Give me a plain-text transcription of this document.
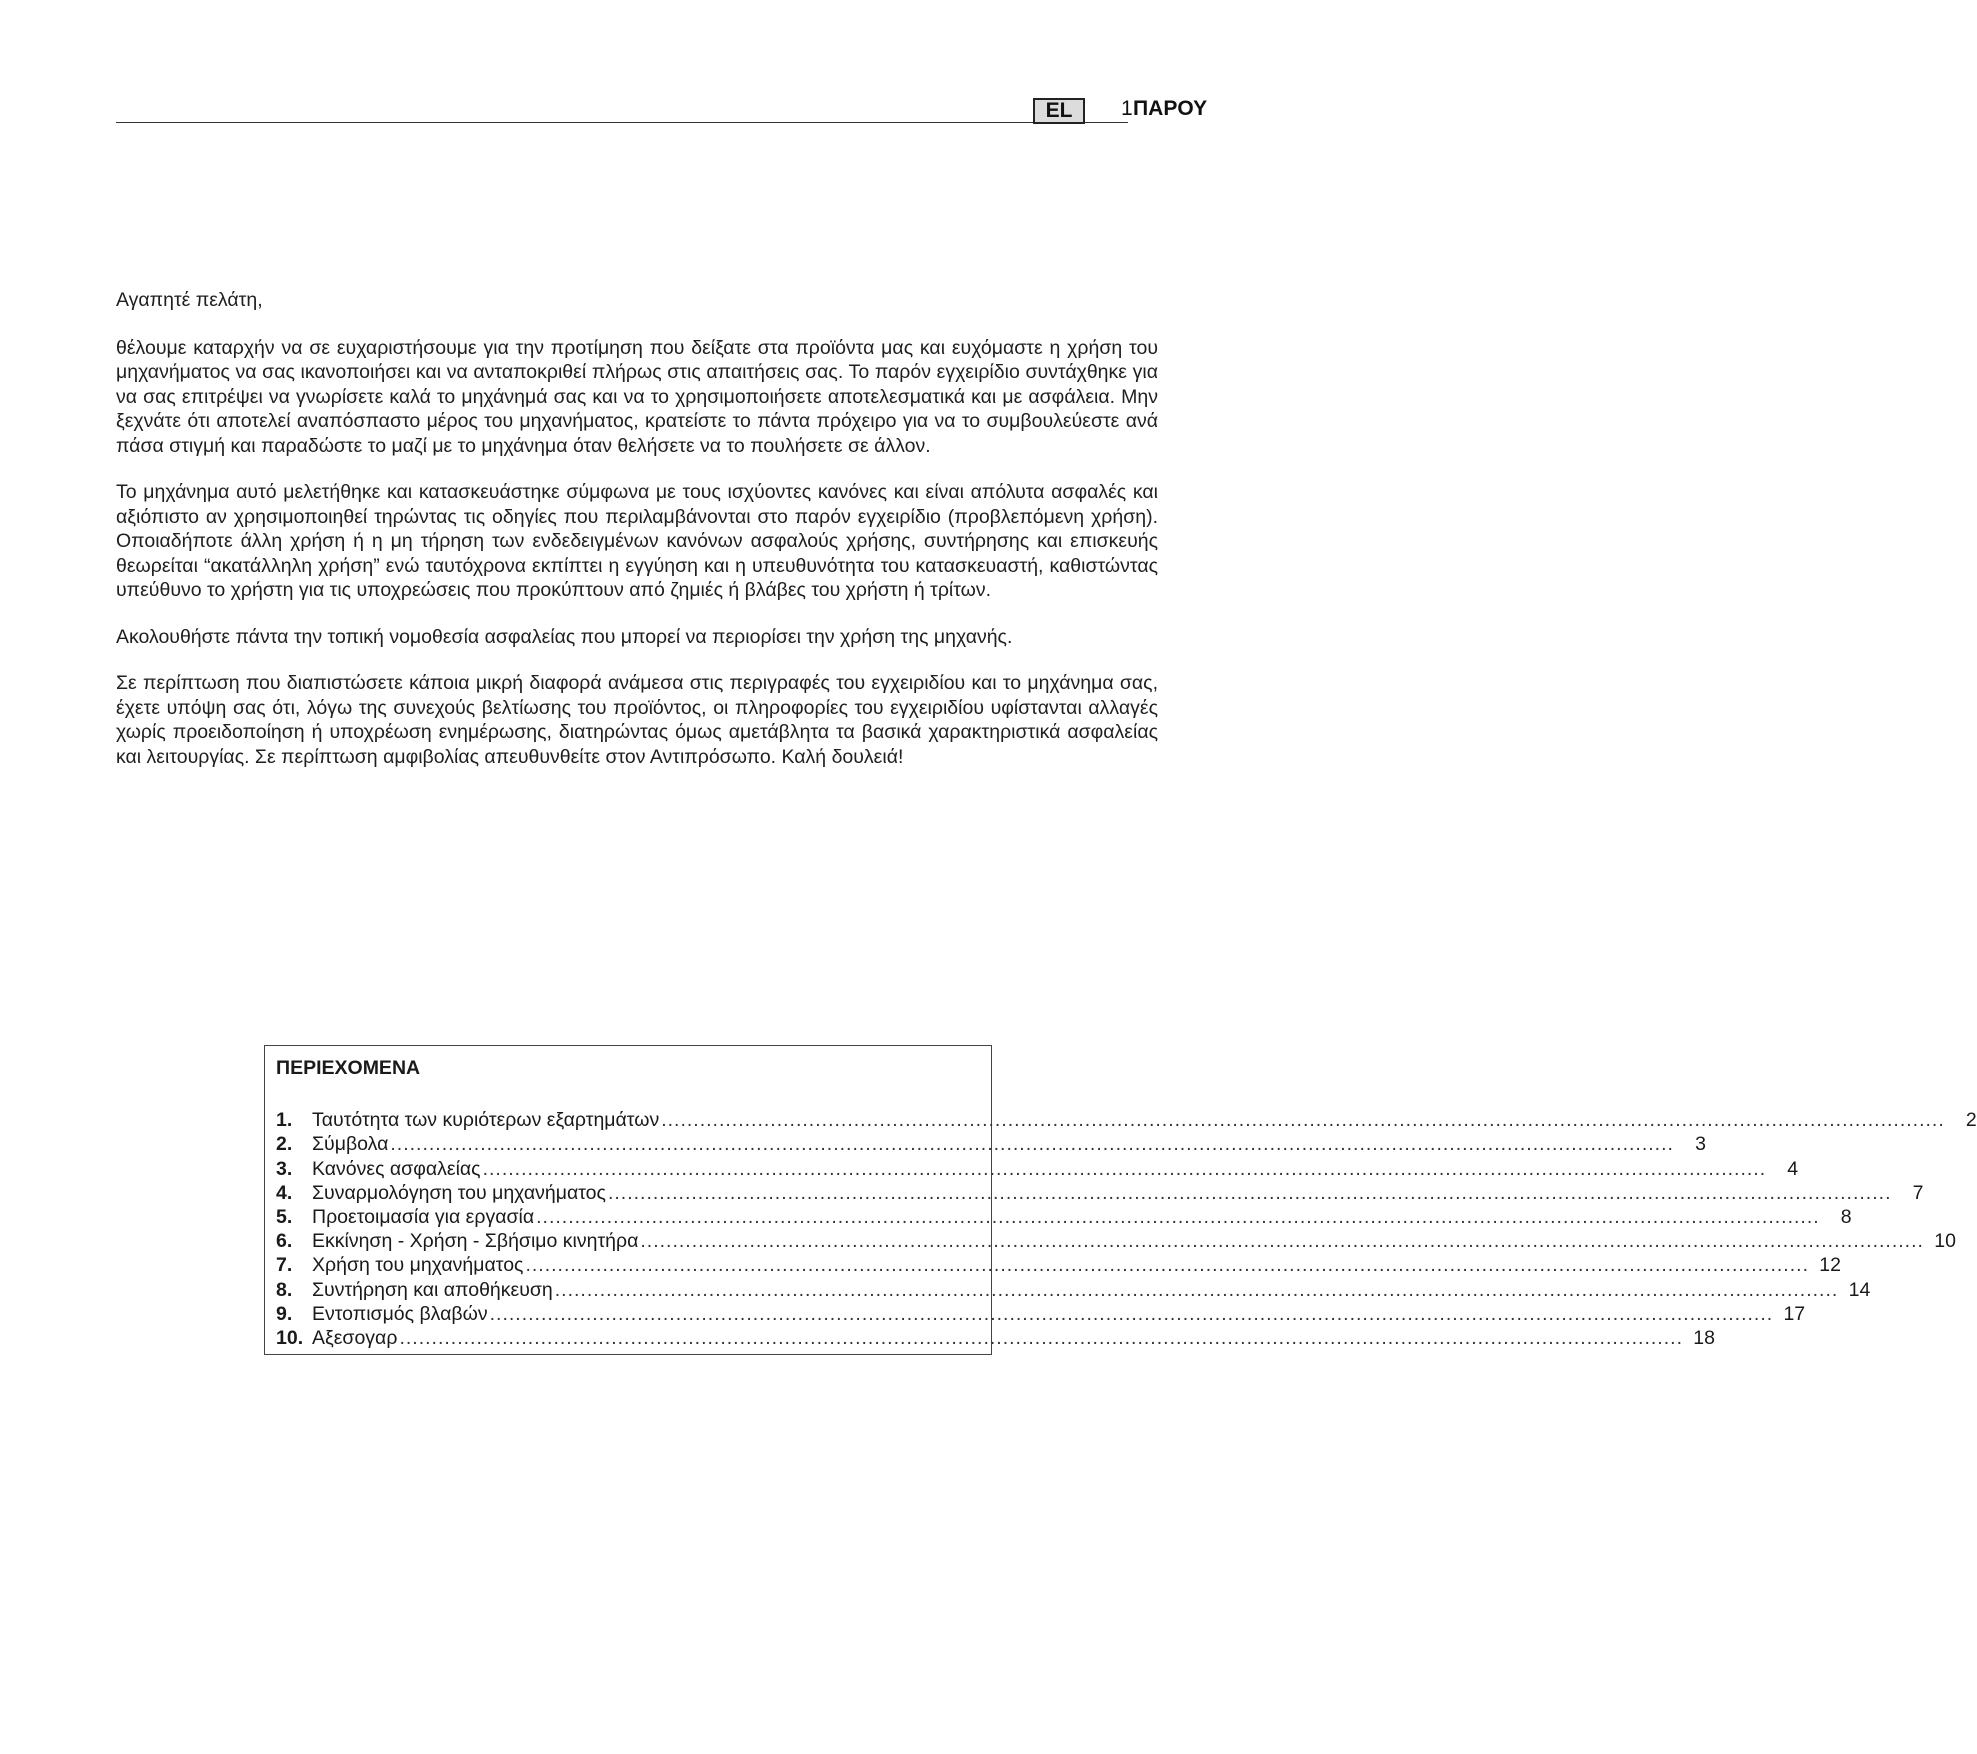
EL	1 ΠΑΡΟΥ

Αγαπητέ πελάτη,

θέλουμε καταρχήν να σε ευχαριστήσουμε για την προτίμηση που δείξατε στα προϊόντα μας και ευχόμαστε η χρήση του μηχανήματος να σας ικανοποιήσει και να ανταποκριθεί πλήρως στις απαιτήσεις σας. Το παρόν εγχειρίδιο συντάχθηκε για να σας επιτρέψει να γνωρίσετε καλά το μηχάνημά σας και να το χρησιμοποιήσετε αποτελεσματικά και με ασφάλεια. Μην ξεχνάτε ότι αποτελεί αναπόσπαστο μέρος του μηχανήματος, κρατείστε το πάντα πρόχειρο για να το συμβουλεύεστε ανά πάσα στιγμή και παραδώστε το μαζί με το μηχάνημα όταν θελήσετε να το πουλήσετε σε άλλον.

Το μηχάνημα αυτό μελετήθηκε και κατασκευάστηκε σύμφωνα με τους ισχύοντες κανόνες και είναι απόλυτα ασφαλές και αξιόπιστο αν χρησιμοποιηθεί τηρώντας τις οδηγίες που περιλαμβάνονται στο παρόν εγχειρίδιο (προβλεπόμενη χρήση). Οποιαδήποτε άλλη χρήση ή η μη τήρηση των ενδεδειγμένων κανόνων ασφαλούς χρήσης, συντήρησης και επισκευής θεωρείται “ακατάλληλη χρήση” ενώ ταυτόχρονα εκπίπτει η εγγύηση και η υπευθυνότητα του κατασκευαστή, καθιστώντας υπεύθυνο το χρήστη για τις υποχρεώσεις που προκύπτουν από ζημιές ή βλάβες του χρήστη ή τρίτων.

Ακολουθήστε πάντα την τοπική νομοθεσία ασφαλείας που μπορεί να περιορίσει την χρήση της μηχανής.

Σε περίπτωση που διαπιστώσετε κάποια μικρή διαφορά ανάμεσα στις περιγραφές του εγχειριδίου και το μηχάνημα σας, έχετε υπόψη σας ότι, λόγω της συνεχούς βελτίωσης του προϊόντος, οι πληροφορίες του εγχειριδίου υφίστανται αλλαγές χωρίς προειδοποίηση ή υποχρέωση ενημέρωσης, διατηρώντας όμως αμετάβλητα τα βασικά χαρακτηριστικά ασφαλείας και λειτουργίας. Σε περίπτωση αμφιβολίας απευθυνθείτε στον Αντιπρόσωπο. Καλή δουλειά!

ΠΕΡΙΕΧΟΜΕΝΑ
1.	Ταυτότητα των κυριότερων εξαρτημάτων ........................................................................................................................................................................................................	2
2.	Σύμβολα ........................................................................................................................................................................................................	3
3.	Κανόνες ασφαλείας ........................................................................................................................................................................................................	4
4.	Συναρμολόγηση του μηχανήματος ........................................................................................................................................................................................................	7
5.	Προετοιμασία για εργασία ........................................................................................................................................................................................................	8
6.	Εκκίνηση - Χρήση - Σβήσιμο κινητήρα ........................................................................................................................................................................................................ 10
7.	Χρήση του μηχανήματος ........................................................................................................................................................................................................ 12
8.	Συντήρηση και αποθήκευση ........................................................................................................................................................................................................ 14
9.	Εντοπισμός βλαβών ........................................................................................................................................................................................................ 17
10. Αξεσογαρ ........................................................................................................................................................................................................ 18
